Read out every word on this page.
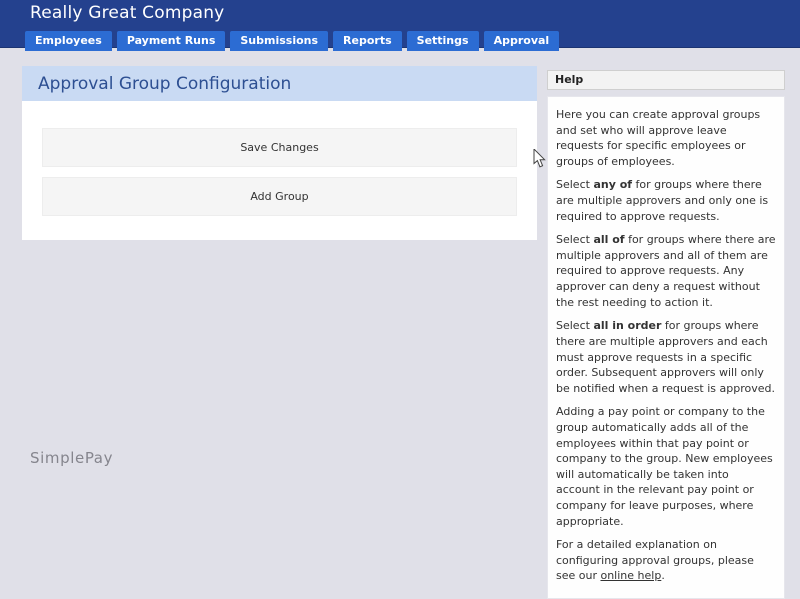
Really Great Company
Employees	Payment Runs	Submissions	Reports	Settings	Approval
Approval Group Configuration
Save Changes
Add Group
Help

Here you can create approval groups and set who will approve leave requests for specific employees or groups of employees.

Select any of for groups where there are multiple approvers and only one is required to approve requests.

Select all of for groups where there are multiple approvers and all of them are required to approve requests. Any approver can deny a request without the rest needing to action it.

Select all in order for groups where there are multiple approvers and each must approve requests in a specific order. Subsequent approvers will only be notified when a request is approved.

Adding a pay point or company to the group automatically adds all of the employees within that pay point or company to the group. New employees will automatically be taken into account in the relevant pay point or company for leave purposes, where appropriate.

For a detailed explanation on configuring approval groups, please see our online help.

SimplePay
